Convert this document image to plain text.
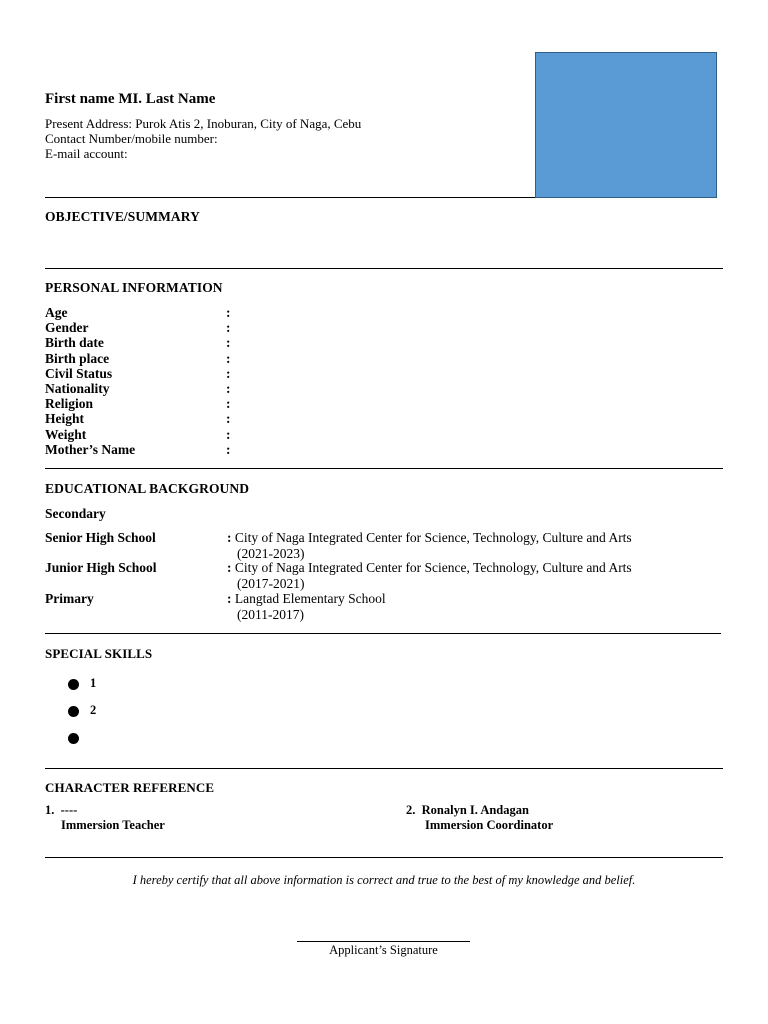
First name MI. Last Name
Present Address: Purok Atis 2, Inoburan, City of Naga, Cebu
Contact Number/mobile number:
E-mail account:
OBJECTIVE/SUMMARY
PERSONAL INFORMATION
Age	:
Gender	:
Birth date	:
Birth place	:
Civil Status	:
Nationality	:
Religion	:
Height	:
Weight	:
Mother’s Name	:
EDUCATIONAL BACKGROUND
Secondary
Senior High School	: City of Naga Integrated Center for Science, Technology, Culture and Arts
(2021-2023)
Junior High School	: City of Naga Integrated Center for Science, Technology, Culture and Arts
(2017-2021)
Primary	: Langtad Elementary School
(2011-2017)
SPECIAL SKILLS
1
2
CHARACTER REFERENCE
1. ----
Immersion Teacher
2. Ronalyn I. Andagan
Immersion Coordinator
I hereby certify that all above information is correct and true to the best of my knowledge and belief.
Applicant’s Signature
